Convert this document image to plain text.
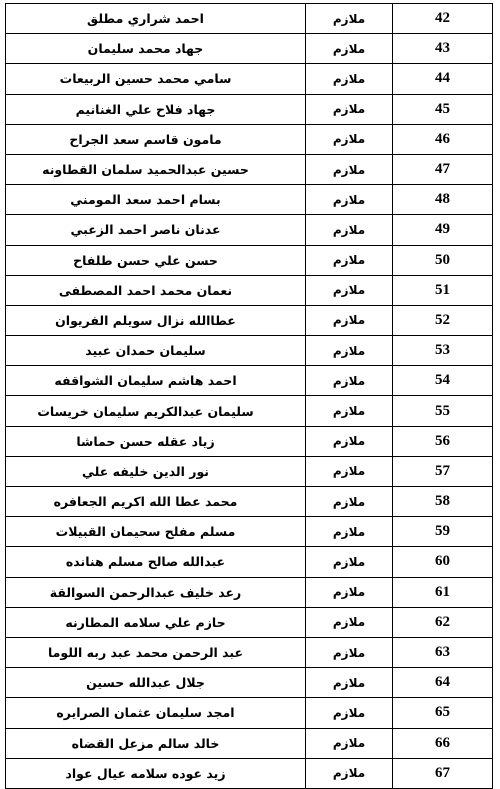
42	ملازم	احمد شراري مطلق
43	ملازم	جهاد محمد سليمان
44	ملازم	سامي محمد حسين الربيعات
45	ملازم	جهاد فلاح علي الغنانيم
46	ملازم	مامون قاسم سعد الجراح
47	ملازم	حسين عبدالحميد سلمان القطاونه
48	ملازم	بسام احمد سعد المومني
49	ملازم	عدنان ناصر احمد الزعبي
50	ملازم	حسن علي حسن طلفاح
51	ملازم	نعمان محمد احمد المصطفى
52	ملازم	عطاالله نزال سويلم الفريوان
53	ملازم	سليمان حمدان عبيد
54	ملازم	احمد هاشم سليمان الشواقفه
55	ملازم	سليمان عبدالكريم سليمان خريسات
56	ملازم	زياد عقله حسن حماشا
57	ملازم	نور الدين خليفه علي
58	ملازم	محمد عطا الله اكريم الجعافره
59	ملازم	مسلم مفلح سحيمان القبيلات
60	ملازم	عبدالله صالح مسلم هنانده
61	ملازم	رعد خليف عبدالرحمن السوالقة
62	ملازم	حازم علي سلامه المطارنه
63	ملازم	عبد الرحمن محمد عبد ربه اللوما
64	ملازم	جلال عبدالله حسين
65	ملازم	امجد سليمان عثمان الصرايره
66	ملازم	خالد سالم مزعل القضاه
67	ملازم	زيد عوده سلامه عيال عواد
